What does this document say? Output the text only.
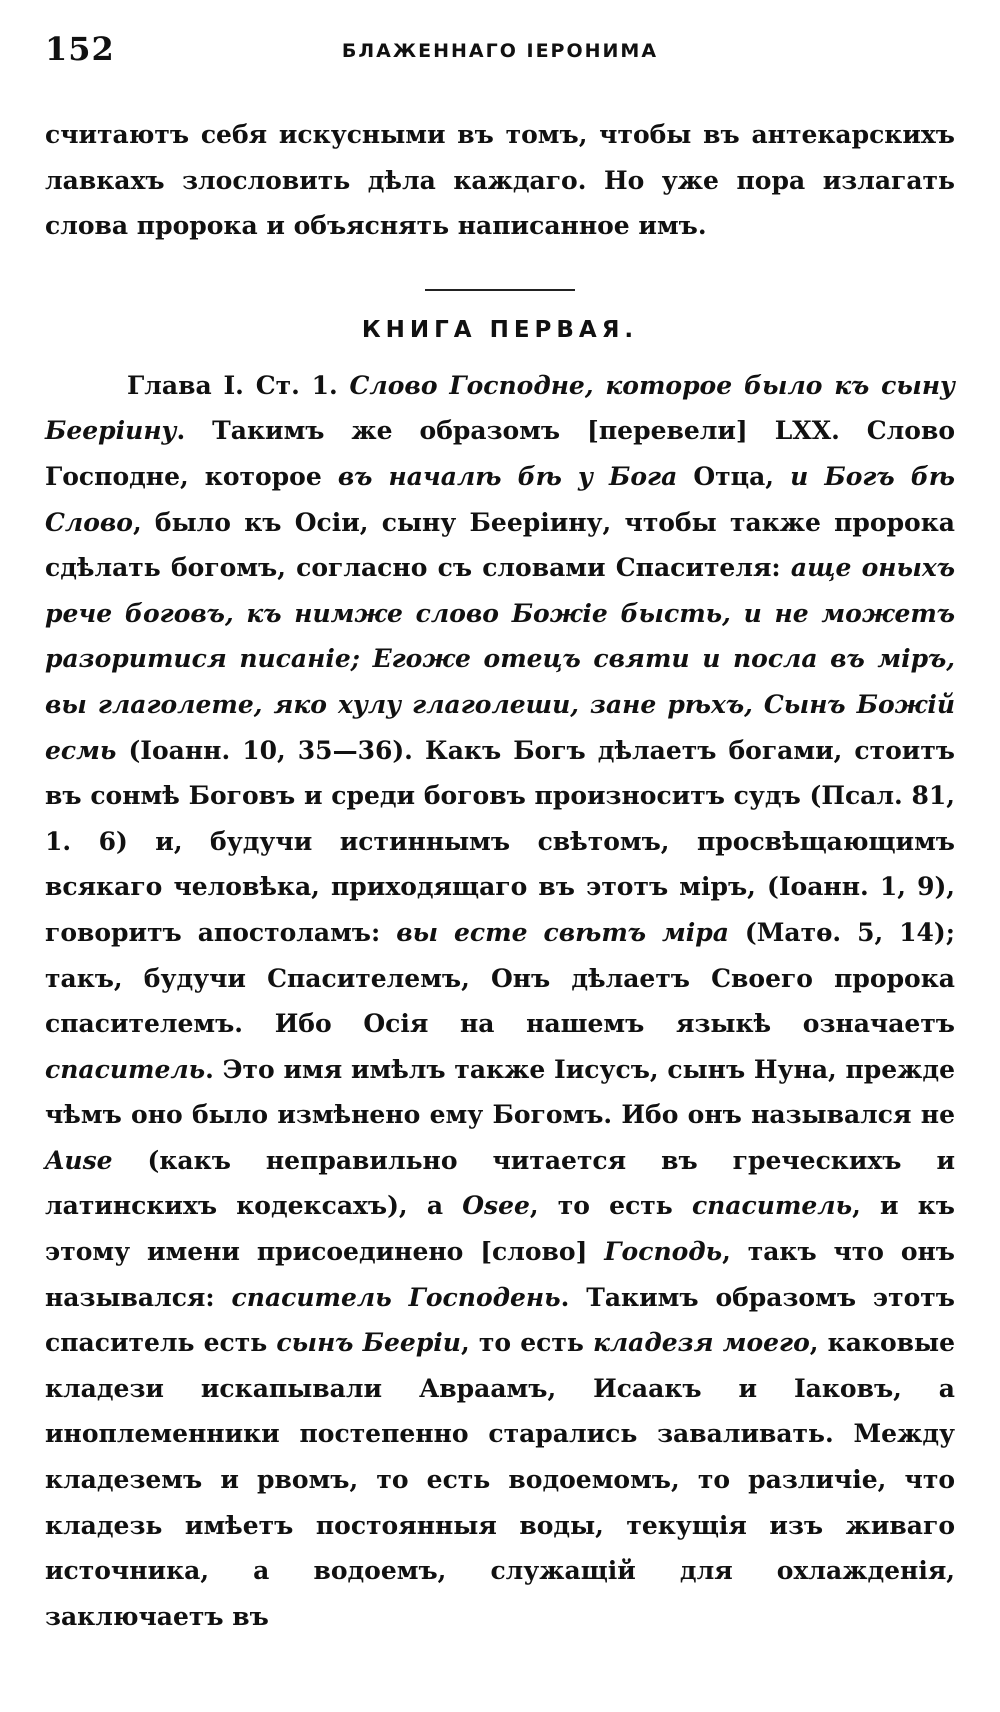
152	БЛАЖЕННАГО ІЕРОНИМА

считаютъ себя искусными въ томъ, чтобы въ антекарскихъ лавкахъ злословить дѣла каждаго. Но уже пора излагать слова пророка и объяснять написанное имъ.

КНИГА ПЕРВАЯ.

Глава I. Ст. 1. Слово Господне, которое было къ сыну Беерiину. Такимъ же образомъ [перевели] LXX. Слово Господне, которое въ началѣ бѣ у Бога Отца, и Богъ бѣ Слово, было къ Осiи, сыну Беерiину, чтобы также пророка сдѣлать богомъ, согласно съ словами Спасителя: аще оныхъ рече боговъ, къ нимже слово Божiе бысть, и не можетъ разоритися писанiе; Егоже отецъ святи и посла въ мiръ, вы глаголете, яко хулу глаголеши, зане рѣхъ, Сынъ Божiй есмь (Іоанн. 10, 35—36). Какъ Богъ дѣлаетъ богами, стоитъ въ сонмѣ Боговъ и среди боговъ произноситъ судъ (Псал. 81, 1. 6) и, будучи истиннымъ свѣтомъ, просвѣщающимъ всякаго человѣка, приходящаго въ этотъ мiръ, (Іоанн. 1, 9), говоритъ апостоламъ: вы есте свѣтъ мiра (Матѳ. 5, 14); такъ, будучи Спасителемъ, Онъ дѣлаетъ Своего пророка спасителемъ. Ибо Осiя на нашемъ языкѣ означаетъ спаситель. Это имя имѣлъ также Iисусъ, сынъ Нуна, прежде чѣмъ оно было измѣнено ему Богомъ. Ибо онъ назывался не Ause (какъ неправильно читается въ греческихъ и латинскихъ кодексахъ), а Osee, то есть спаситель, и къ этому имени присоединено [слово] Господь, такъ что онъ назывался: спаситель Господень. Такимъ образомъ этотъ спаситель есть сынъ Беерiи, то есть кладезя моего, каковые кладези искапывали Авраамъ, Исаакъ и Іаковъ, а иноплеменники постепенно старались заваливать. Между кладеземъ и рвомъ, то есть водоемомъ, то различiе, что кладезь имѣетъ постоянныя воды, текущiя изъ живаго источника, а водоемъ, служащiй для охлажденiя, заключаетъ въ
